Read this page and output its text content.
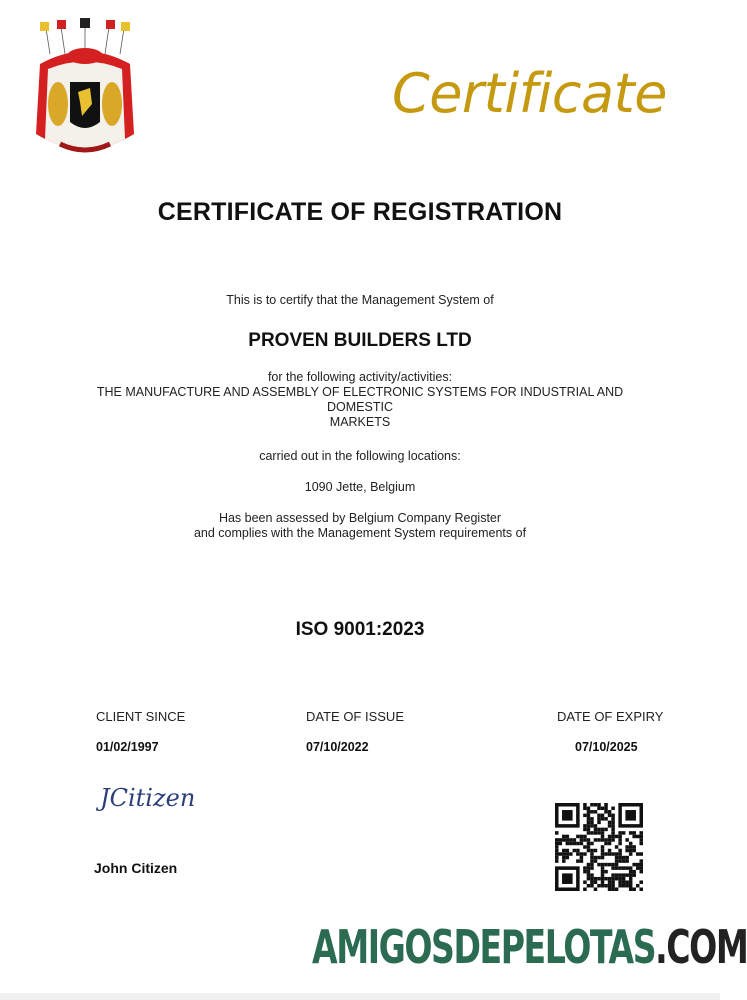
Certificate
CERTIFICATE OF REGISTRATION
This is to certify that the Management System of
PROVEN BUILDERS LTD
for the following activity/activities:
THE MANUFACTURE AND ASSEMBLY OF ELECTRONIC SYSTEMS FOR INDUSTRIAL AND
DOMESTIC
MARKETS
carried out in the following locations:
1090 Jette, Belgium
Has been assessed by Belgium Company Register
and complies with the Management System requirements of
ISO 9001:2023
CLIENT SINCE	DATE OF ISSUE	DATE OF EXPIRY
01/02/1997	07/10/2022	07/10/2025
JCitizen
John Citizen
AMIGOSDEPELOTAS.COM
